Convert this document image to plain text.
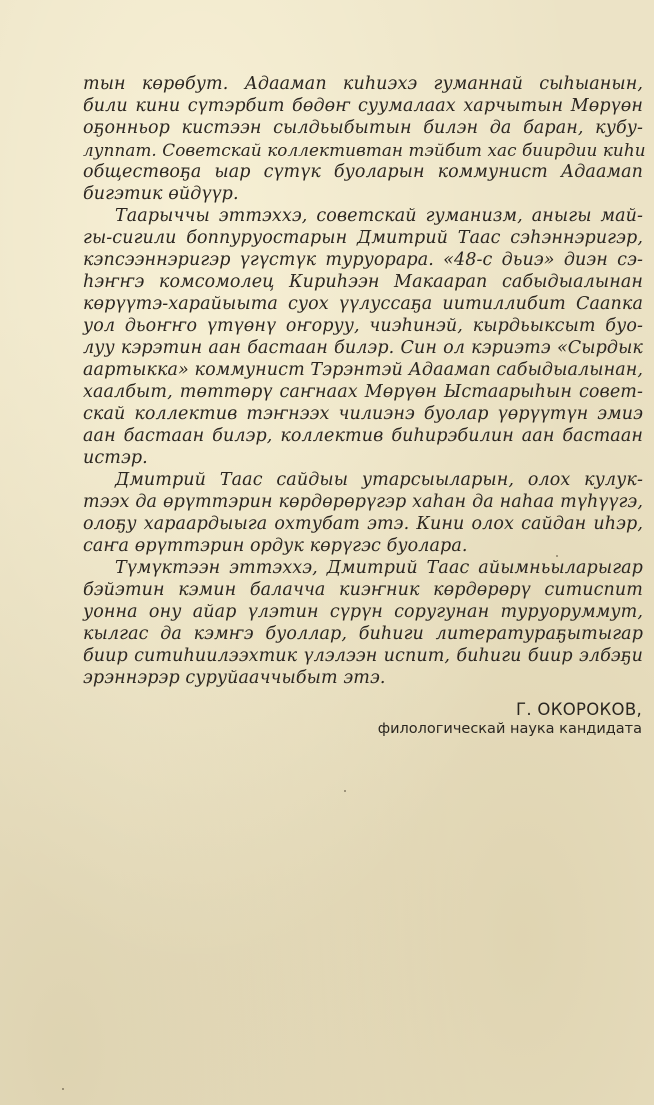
тын көрөбут. Адаамап киһиэхэ гуманнай сыһыанын,
били кини сүтэрбит бөдөҥ суумалаах харчытын Мөрүөн
оҕонньор кистээн сылдьыбытын билэн да баран, кубу-
луппат. Советскай коллективтан тэйбит хас биирдии киһи
обществоҕа ыар сүтүк буоларын коммунист Адаамап
бигэтик өйдүүр.
Таарыччы эттэххэ, советскай гуманизм, аныгы май-
гы-сигили боппуруостарын Дмитрий Таас сэһэннэригэр,
кэпсээннэригэр үгүстүк туруорара. «48-с дьиэ» диэн сэ-
һэҥҥэ комсомолец Кириһээн Макаарап сабыдыалынан
көрүүтэ-харайыыта суох үүлуссаҕа иитиллибит Саапка
уол дьоҥҥо үтүөнү оҥоруу, чиэһинэй, кырдьыксыт буо-
луу кэрэтин аан бастаан билэр. Син ол кэриэтэ «Сырдык
аартыкка» коммунист Тэрэнтэй Адаамап сабыдыалынан,
хаалбыт, төттөрү саҥнаах Мөрүөн Ыстаарыһын совет-
скай коллектив тэҥнээх чилиэнэ буолар үөрүүтүн эмиэ
аан бастаан билэр, коллектив биһирэбилин аан бастаан
истэр.
Дмитрий Таас сайдыы утарсыыларын, олох кулук-
тээх да өрүттэрин көрдөрөрүгэр хаһан да наһаа түһүүгэ,
олоҕу хараардыыга охтубат этэ. Кини олох сайдан иһэр,
саҥа өрүттэрин ордук көрүгэс буолара.
Түмүктээн эттэххэ, Дмитрий Таас айымньыларыгар
бэйэтин кэмин балачча киэҥник көрдөрөрү ситиспит
уонна ону айар үлэтин сүрүн соругунан туруоруммут,
кылгас да кэмҥэ буоллар, биһиги литератураҕытыгар
биир ситиһиилээхтик үлэлээн испит, биһиги биир элбэҕи
эрэннэрэр суруйааччыбыт этэ.
Г. ОКОРОКОВ,
филологическай наука кандидата
